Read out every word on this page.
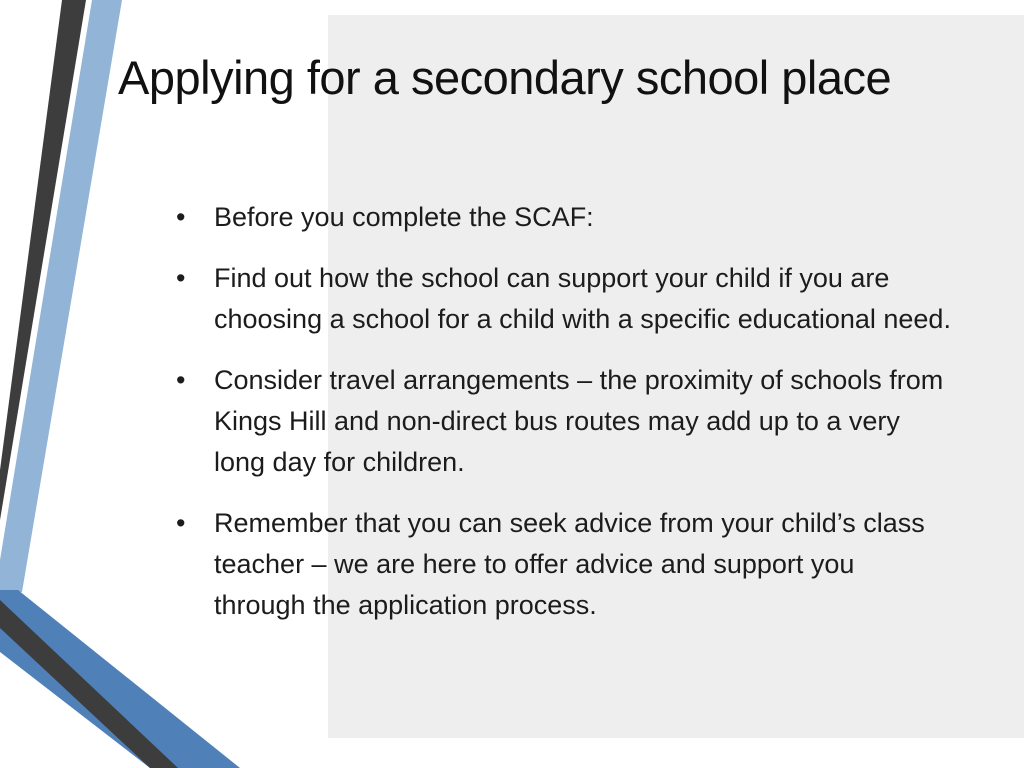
Applying for a secondary school place
• Before you complete the SCAF:
• Find out how the school can support your child if you are choosing a school for a child with a specific educational need.
• Consider travel arrangements – the proximity of schools from Kings Hill and non-direct bus routes may add up to a very long day for children.
• Remember that you can seek advice from your child’s class teacher – we are here to offer advice and support you through the application process.
